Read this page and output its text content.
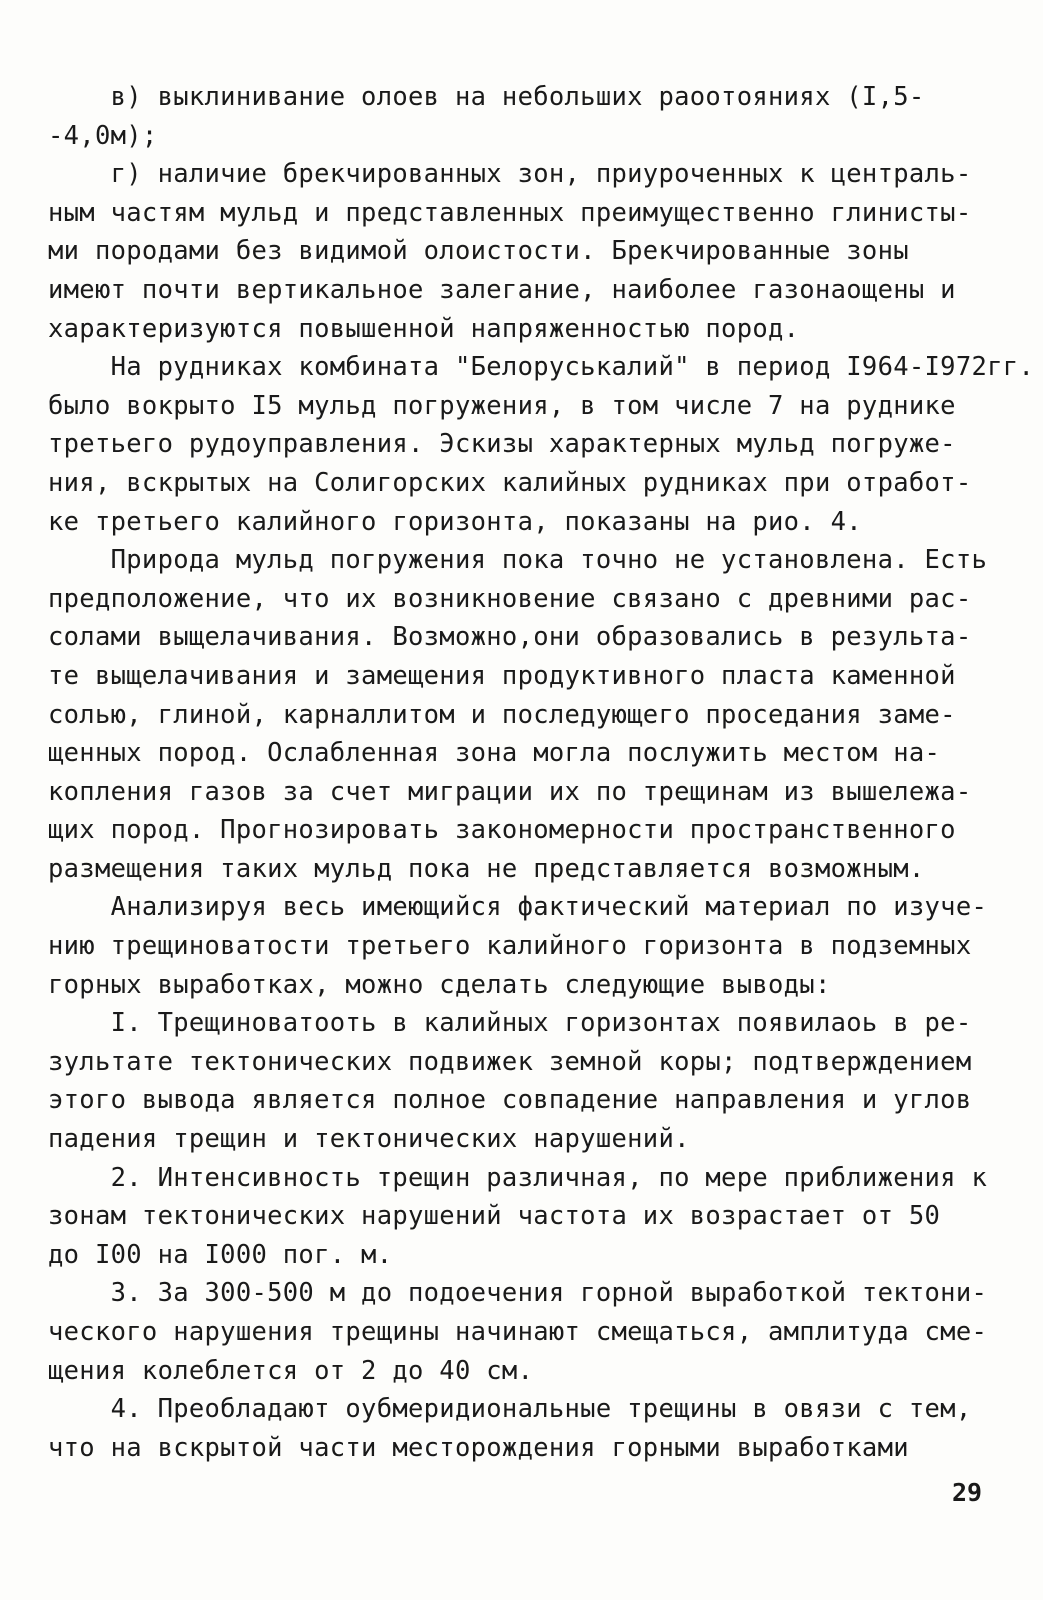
в) выклинивание олоев на небольших раоотояниях (I,5-
-4,0м);
г) наличие брекчированных зон, приуроченных к централь-
ным частям мульд и представленных преимущественно глинисты-
ми породами без видимой олоистости. Брекчированные зоны
имеют почти вертикальное залегание, наиболее газонаощены и
характеризуются повышенной напряженностью пород.
На рудниках комбината "Белоруськалий" в период I964-I972гг.
было вокрыто I5 мульд погружения, в том числе 7 на руднике
третьего рудоуправления. Эскизы характерных мульд погруже-
ния, вскрытых на Солигорских калийных рудниках при отработ-
ке третьего калийного горизонта, показаны на рио. 4.
Природа мульд погружения пока точно не установлена. Есть
предположение, что их возникновение связано с древними рас-
солами выщелачивания. Возможно,они образовались в результа-
те выщелачивания и замещения продуктивного пласта каменной
солью, глиной, карналлитом и последующего проседания заме-
щенных пород. Ослабленная зона могла послужить местом на-
копления газов за счет миграции их по трещинам из вышележа-
щих пород. Прогнозировать закономерности пространственного
размещения таких мульд пока не представляется возможным.
Анализируя весь имеющийся фактический материал по изуче-
нию трещиноватости третьего калийного горизонта в подземных
горных выработках, можно сделать следующие выводы:
I. Трещиноватооть в калийных горизонтах появилаоь в ре-
зультате тектонических подвижек земной коры; подтверждением
этого вывода является полное совпадение направления и углов
падения трещин и тектонических нарушений.
2. Интенсивность трещин различная, по мере приближения к
зонам тектонических нарушений частота их возрастает от 50
до I00 на I000 пог. м.
3. За 300-500 м до подоечения горной выработкой тектони-
ческого нарушения трещины начинают смещаться, амплитуда сме-
щения колеблется от 2 до 40 см.
4. Преобладают оубмеридиональные трещины в овязи с тем,
что на вскрытой части месторождения горными выработками
29
